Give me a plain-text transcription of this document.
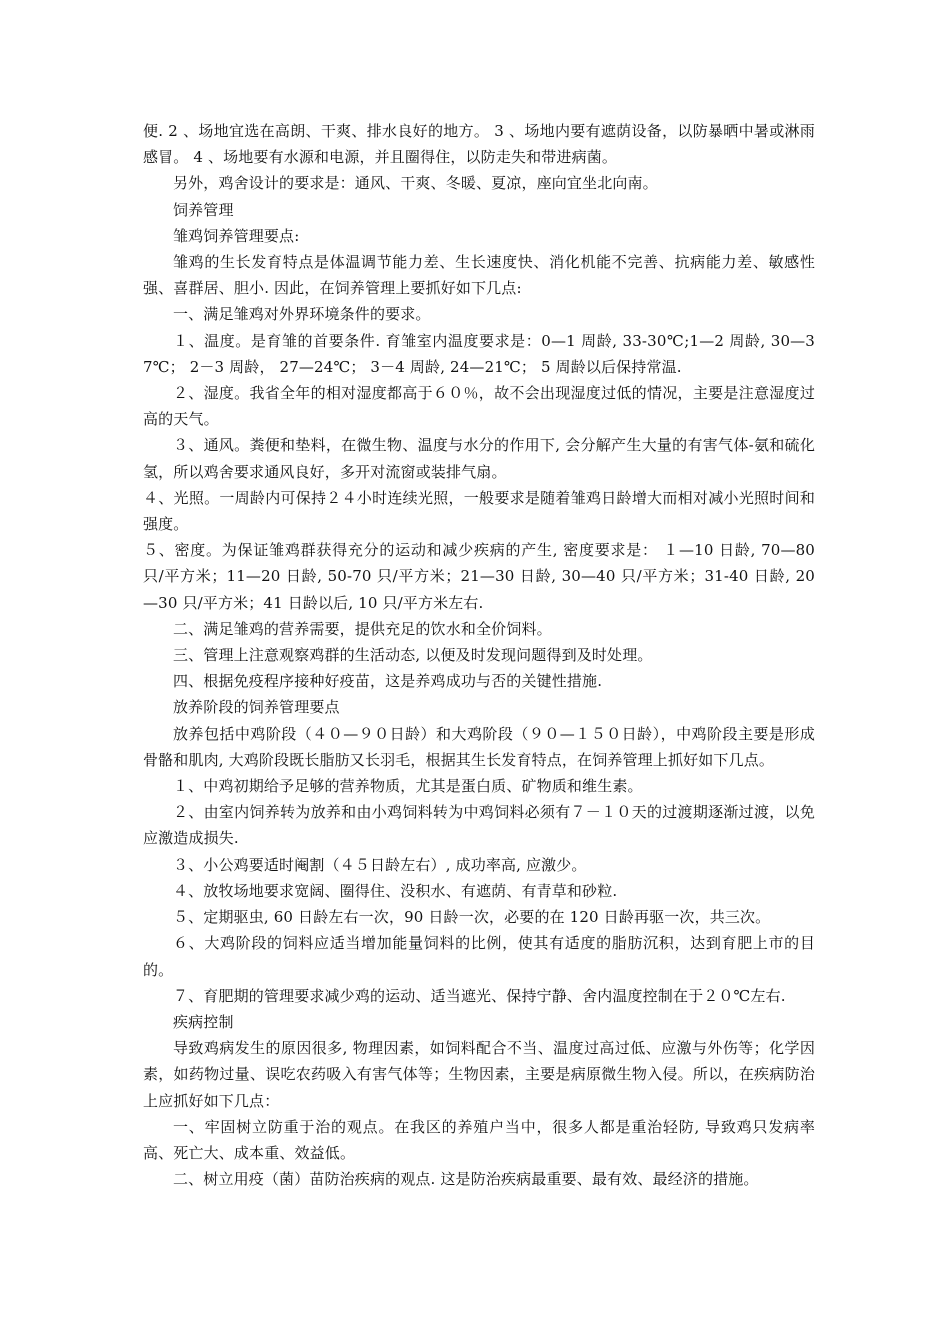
便. 2 、场地宜选在高朗、干爽、排水良好的地方。 3 、场地内要有遮荫设备，以防暴晒中暑或淋雨感冒。 4 、场地要有水源和电源，并且圈得住，以防走失和带进病菌。

另外，鸡舍设计的要求是：通风、干爽、冬暖、夏凉，座向宜坐北向南。

饲养管理

雏鸡饲养管理要点:

雏鸡的生长发育特点是体温调节能力差、生长速度快、消化机能不完善、抗病能力差、敏感性强、喜群居、胆小. 因此，在饲养管理上要抓好如下几点:

一、满足雏鸡对外界环境条件的要求。

１、温度。是育雏的首要条件. 育雏室内温度要求是：0—1 周龄, 33-30℃;1—2 周龄, 30—37℃； 2－3 周龄， 27—24℃； 3－4 周龄, 24—21℃； 5 周龄以后保持常温.

２、湿度。我省全年的相对湿度都高于６０％，故不会出现湿度过低的情况，主要是注意湿度过高的天气。

３、通风。粪便和垫料，在微生物、温度与水分的作用下, 会分解产生大量的有害气体-氨和硫化氢，所以鸡舍要求通风良好，多开对流窗或装排气扇。

４、光照。一周龄内可保持２４小时连续光照，一般要求是随着雏鸡日龄增大而相对减小光照时间和强度。

５、密度。为保证雏鸡群获得充分的运动和减少疾病的产生, 密度要求是： １—10 日龄, 70—80 只/平方米；11—20 日龄, 50-70 只/平方米；21—30 日龄, 30—40 只/平方米；31-40 日龄, 20—30 只/平方米；41 日龄以后, 10 只/平方米左右.

二、满足雏鸡的营养需要，提供充足的饮水和全价饲料。

三、管理上注意观察鸡群的生活动态, 以便及时发现问题得到及时处理。

四、根据免疫程序接种好疫苗，这是养鸡成功与否的关键性措施.

放养阶段的饲养管理要点

放养包括中鸡阶段（４０—９０日龄）和大鸡阶段（９０—１５０日龄），中鸡阶段主要是形成骨骼和肌肉, 大鸡阶段既长脂肪又长羽毛，根据其生长发育特点，在饲养管理上抓好如下几点。

１、中鸡初期给予足够的营养物质，尤其是蛋白质、矿物质和维生素。

２、由室内饲养转为放养和由小鸡饲料转为中鸡饲料必须有７－１０天的过渡期逐渐过渡，以免应激造成损失.

３、小公鸡要适时阉割（４５日龄左右）, 成功率高, 应激少。

４、放牧场地要求宽阔、圈得住、没积水、有遮荫、有青草和砂粒.

５、定期驱虫, 60 日龄左右一次，90 日龄一次，必要的在 120 日龄再驱一次，共三次。

６、大鸡阶段的饲料应适当增加能量饲料的比例，使其有适度的脂肪沉积，达到育肥上市的目的。

７、育肥期的管理要求减少鸡的运动、适当遮光、保持宁静、舍内温度控制在于２０℃左右.

疾病控制

导致鸡病发生的原因很多, 物理因素，如饲料配合不当、温度过高过低、应激与外伤等；化学因素，如药物过量、误吃农药吸入有害气体等；生物因素，主要是病原微生物入侵。所以，在疾病防治上应抓好如下几点：

一、牢固树立防重于治的观点。在我区的养殖户当中，很多人都是重治轻防, 导致鸡只发病率高、死亡大、成本重、效益低。

二、树立用疫（菌）苗防治疾病的观点. 这是防治疾病最重要、最有效、最经济的措施。
